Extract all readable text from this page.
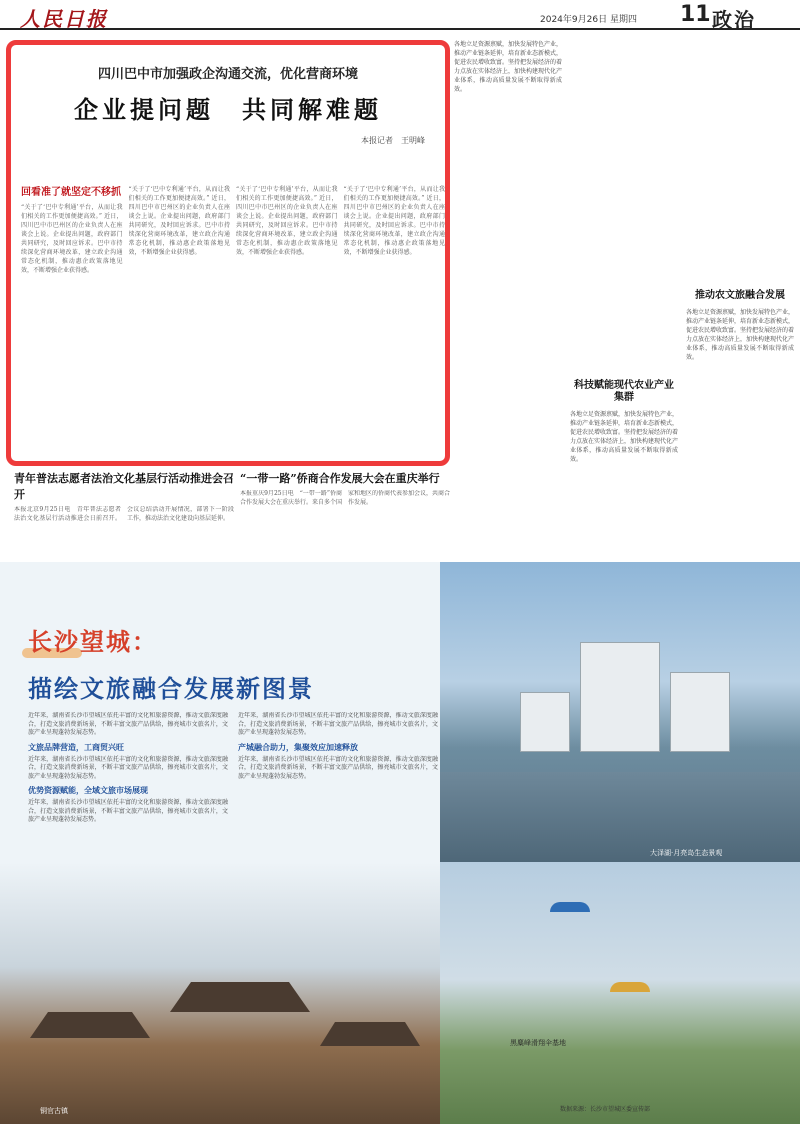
人民日报	2024年9月26日 星期四 11 政治
四川巴中市加强政企沟通交流，优化营商环境
企业提问题　共同解难题
本报记者　王明峰
回看准了就坚定不移抓
“关于了‘巴中专利通’平台，从而让我们相关的工作更加便捷高效。” 近日，四川巴中市巴州区的企业负责人在座谈会上说。企业提出问题，政府部门共同研究，及时回应诉求。巴中市持续深化营商环境改革，建立政企沟通常态化机制，推动惠企政策落地见效，不断增强企业获得感。
“关于了‘巴中专利通’平台，从而让我们相关的工作更加便捷高效。” 近日，四川巴中市巴州区的企业负责人在座谈会上说。企业提出问题，政府部门共同研究，及时回应诉求。巴中市持续深化营商环境改革，建立政企沟通常态化机制，推动惠企政策落地见效，不断增强企业获得感。
“关于了‘巴中专利通’平台，从而让我们相关的工作更加便捷高效。” 近日，四川巴中市巴州区的企业负责人在座谈会上说。企业提出问题，政府部门共同研究，及时回应诉求。巴中市持续深化营商环境改革，建立政企沟通常态化机制，推动惠企政策落地见效，不断增强企业获得感。
“关于了‘巴中专利通’平台，从而让我们相关的工作更加便捷高效。” 近日，四川巴中市巴州区的企业负责人在座谈会上说。企业提出问题，政府部门共同研究，及时回应诉求。巴中市持续深化营商环境改革，建立政企沟通常态化机制，推动惠企政策落地见效，不断增强企业获得感。
各地立足资源禀赋，加快发展特色产业，推动产业链条延伸，培育新业态新模式，促进农民增收致富。坚持把发展经济的着力点放在实体经济上，加快构建现代化产业体系，推动高质量发展不断取得新成效。
科技赋能现代农业产业集群
各地立足资源禀赋，加快发展特色产业，推动产业链条延伸，培育新业态新模式，促进农民增收致富。坚持把发展经济的着力点放在实体经济上，加快构建现代化产业体系，推动高质量发展不断取得新成效。
推动农文旅融合发展
各地立足资源禀赋，加快发展特色产业，推动产业链条延伸，培育新业态新模式，促进农民增收致富。坚持把发展经济的着力点放在实体经济上，加快构建现代化产业体系，推动高质量发展不断取得新成效。
青年普法志愿者法治文化基层行活动推进会召开
本报北京9月25日电　青年普法志愿者法治文化基层行活动推进会日前召开。会议总结活动开展情况，部署下一阶段工作，推动法治文化建设向基层延伸。
“一带一路”侨商合作发展大会在重庆举行
本报重庆9月25日电　“一带一路”侨商合作发展大会在重庆举行。来自多个国家和地区的侨商代表参加会议，共商合作发展。
大泽湖·月亮岛生态景观
黑麋峰滑翔伞基地
铜官古镇
长沙望城：
描绘文旅融合发展新图景
近年来，湖南省长沙市望城区依托丰富的文化和旅游资源，推动文旅深度融合，打造文旅消费新场景，不断丰富文旅产品供给，擦亮城市文旅名片，文旅产业呈现蓬勃发展态势。
文旅品牌营造，工商贸兴旺
近年来，湖南省长沙市望城区依托丰富的文化和旅游资源，推动文旅深度融合，打造文旅消费新场景，不断丰富文旅产品供给，擦亮城市文旅名片，文旅产业呈现蓬勃发展态势。
优势资源赋能，全域文旅市场展现
近年来，湖南省长沙市望城区依托丰富的文化和旅游资源，推动文旅深度融合，打造文旅消费新场景，不断丰富文旅产品供给，擦亮城市文旅名片，文旅产业呈现蓬勃发展态势。
近年来，湖南省长沙市望城区依托丰富的文化和旅游资源，推动文旅深度融合，打造文旅消费新场景，不断丰富文旅产品供给，擦亮城市文旅名片，文旅产业呈现蓬勃发展态势。
产城融合助力，集聚效应加速释放
近年来，湖南省长沙市望城区依托丰富的文化和旅游资源，推动文旅深度融合，打造文旅消费新场景，不断丰富文旅产品供给，擦亮城市文旅名片，文旅产业呈现蓬勃发展态势。
数据来源：长沙市望城区委宣传部
